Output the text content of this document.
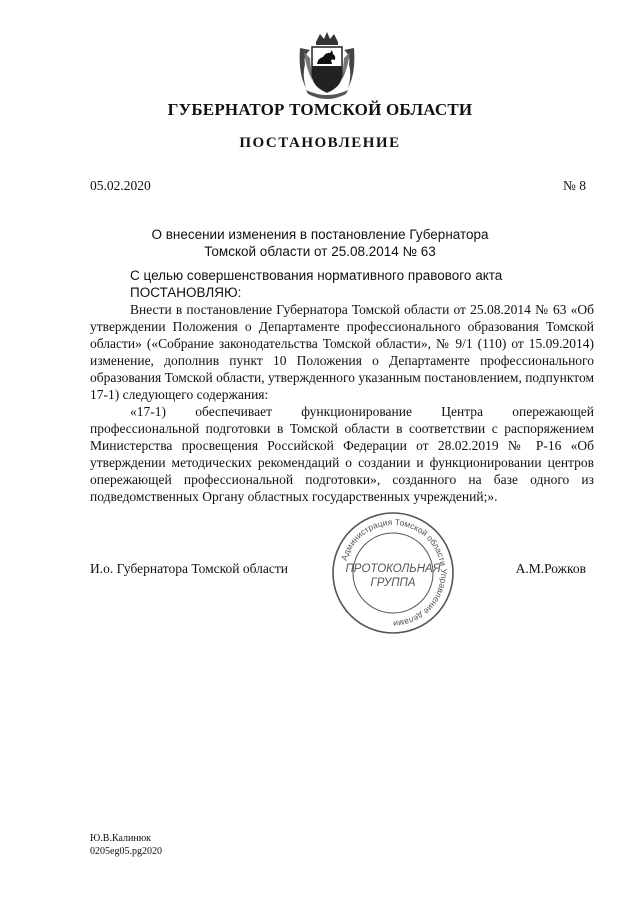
ГУБЕРНАТОР ТОМСКОЙ ОБЛАСТИ
ПОСТАНОВЛЕНИЕ
05.02.2020	№ 8
О внесении изменения в постановление Губернатора
Томской области от 25.08.2014 № 63

С целью совершенствования нормативного правового акта

ПОСТАНОВЛЯЮ:

Внести в постановление Губернатора Томской области от 25.08.2014 № 63 «Об утверждении Положения о Департаменте профессионального образования Томской области» («Собрание законодательства Томской области», № 9/1 (110) от 15.09.2014) изменение, дополнив пункт 10 Положения о Департаменте профессионального образования Томской области, утвержденного указанным постановлением, подпунктом 17-1) следующего содержания:

«17-1) обеспечивает функционирование Центра опережающей профессиональной подготовки в Томской области в соответствии с распоряжением Министерства просвещения Российской Федерации от 28.02.2019 № Р-16 «Об утверждении методических рекомендаций о создании и функционировании центров опережающей профессиональной подготовки», созданного на базе одного из подведомственных Органу областных государственных учреждений;».

И.о. Губернатора Томской области	А.М.Рожков
Администрация Томской области Управление делами
ПРОТОКОЛЬНАЯ
ГРУППА
Ю.В.Калинюк
0205eg05.pg2020
